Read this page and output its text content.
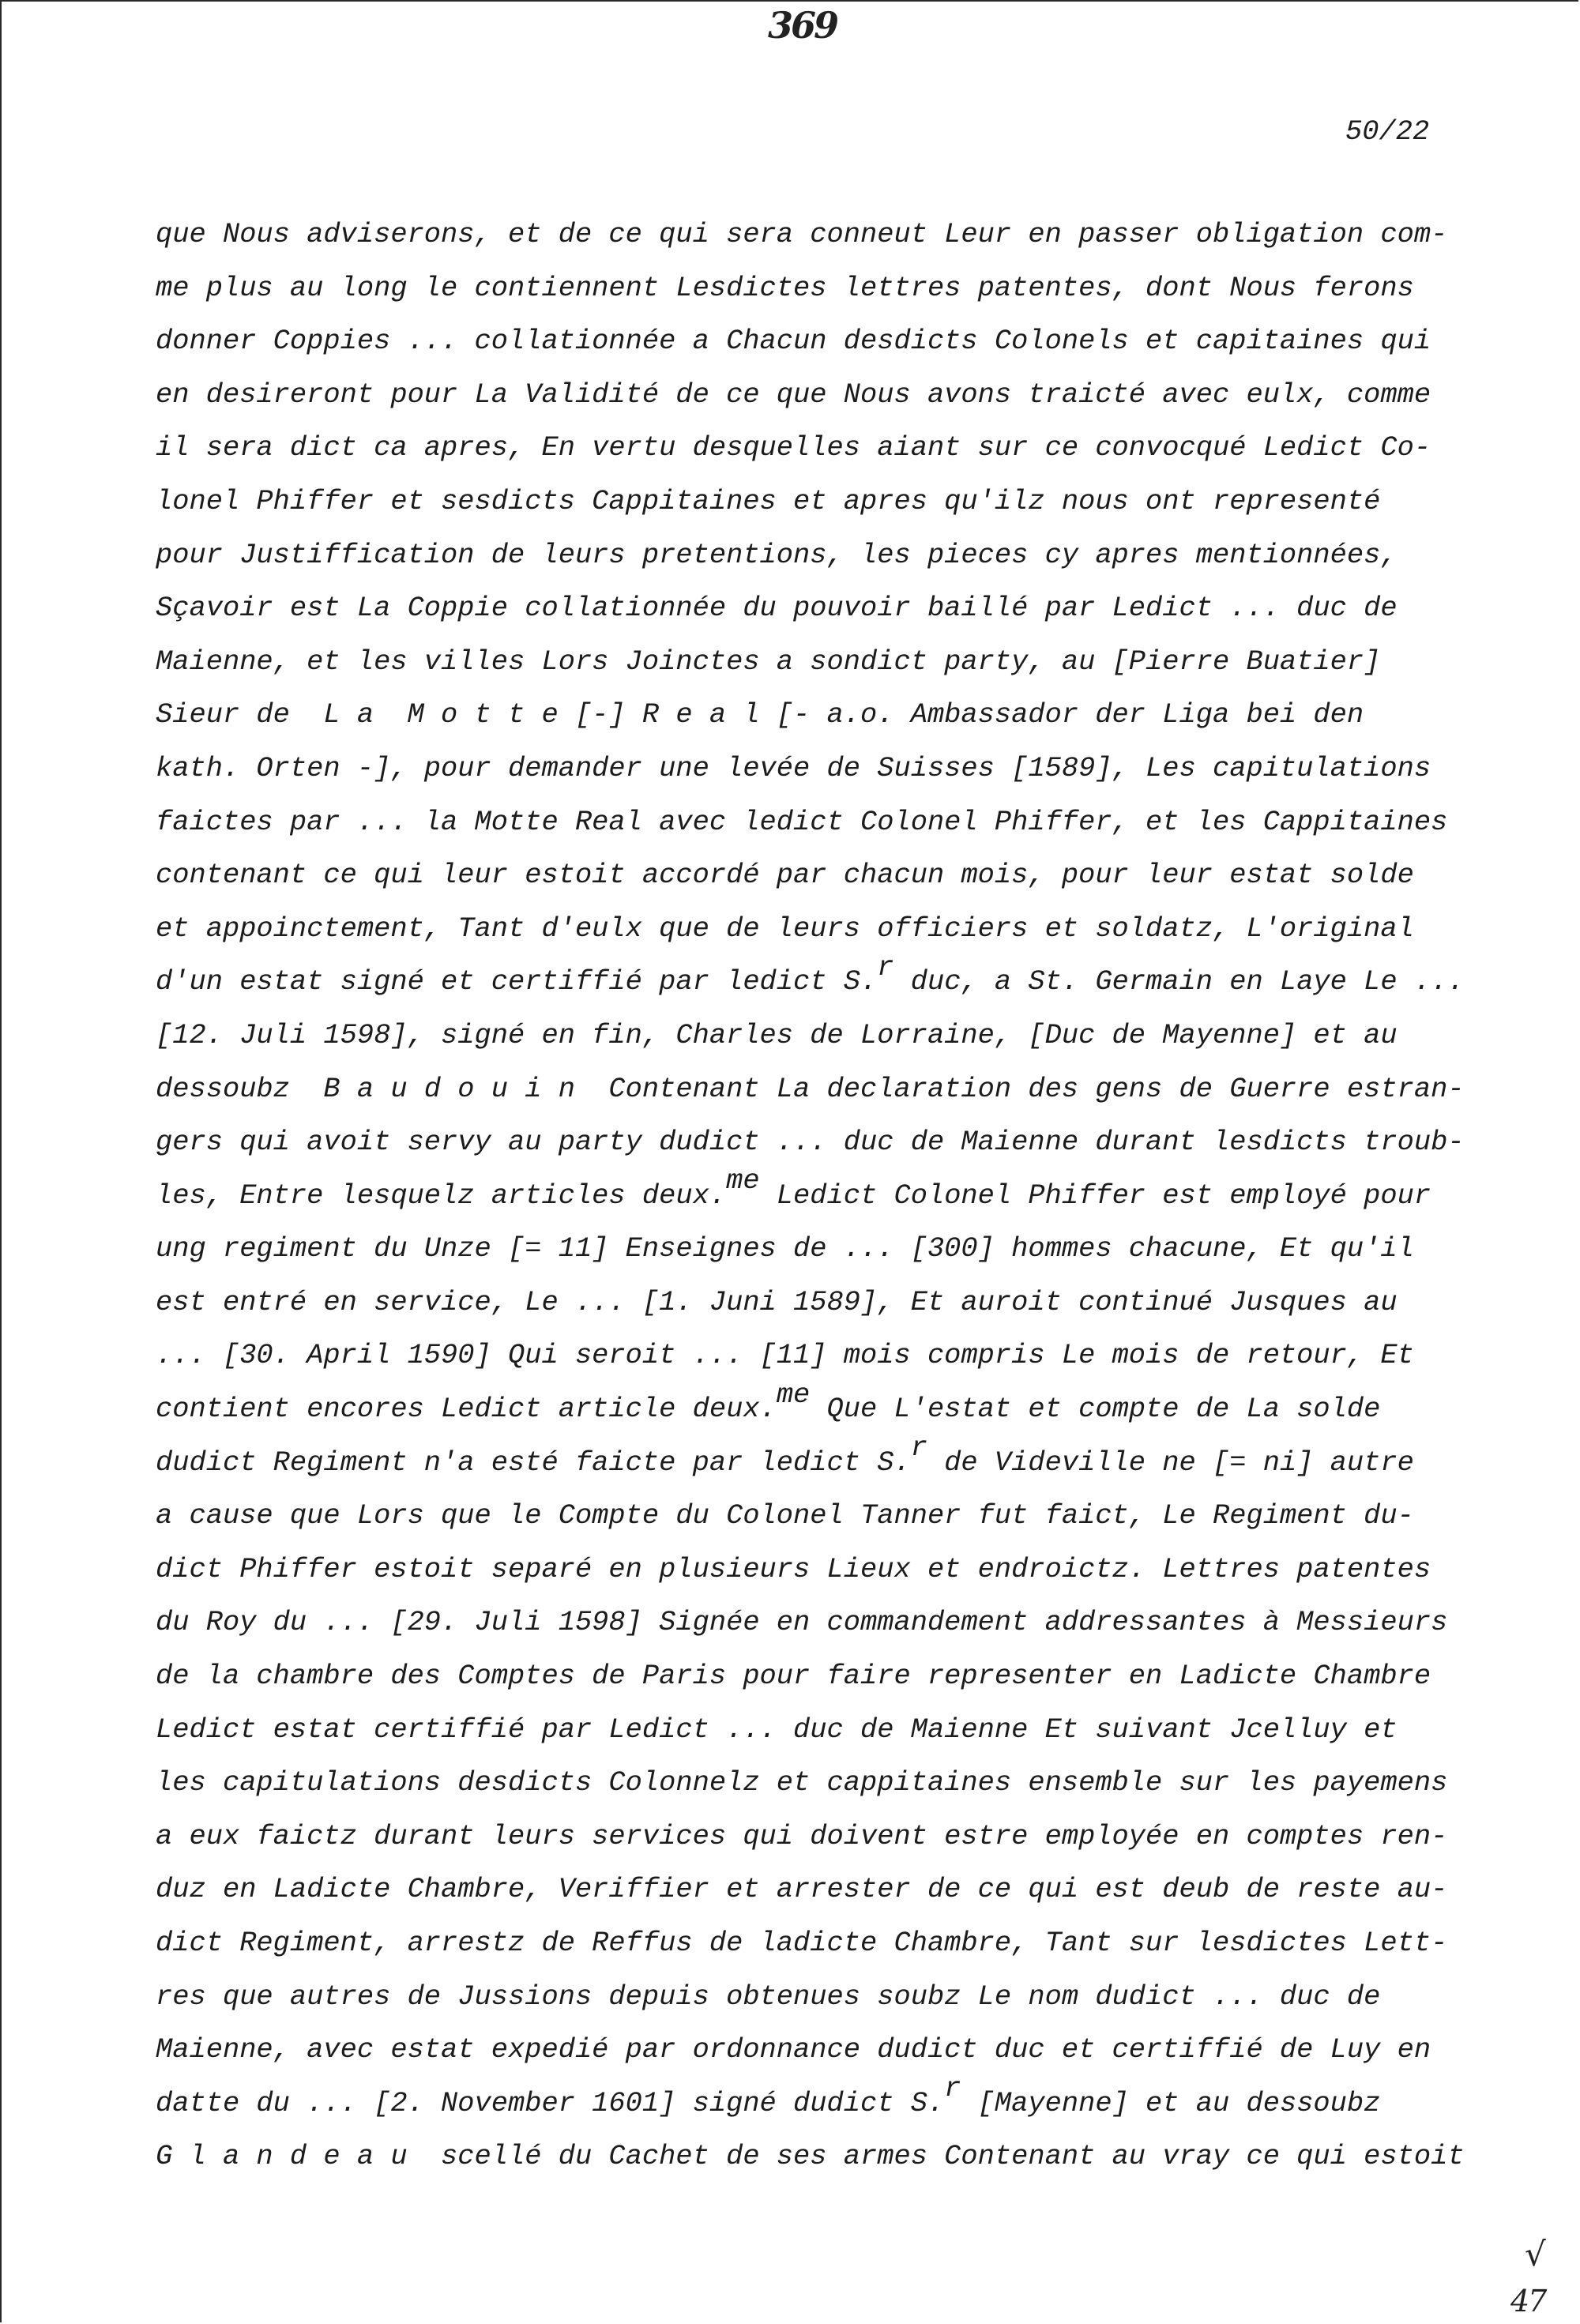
369
50/22
que Nous adviserons, et de ce qui sera conneut Leur en passer obligation com-
me plus au long le contiennent Lesdictes lettres patentes, dont Nous ferons
donner Coppies ... collationnée a Chacun desdicts Colonels et capitaines qui
en desireront pour La Validité de ce que Nous avons traicté avec eulx, comme
il sera dict ca apres, En vertu desquelles aiant sur ce convocqué Ledict Co-
lonel Phiffer et sesdicts Cappitaines et apres qu'ilz nous ont representé
pour Justiffication de leurs pretentions, les pieces cy apres mentionnées,
Sçavoir est La Coppie collationnée du pouvoir baillé par Ledict ... duc de
Maienne, et les villes Lors Joinctes a sondict party, au [Pierre Buatier]
Sieur de  L a  M o t t e [-] R e a l [- a.o. Ambassador der Liga bei den
kath. Orten -], pour demander une levée de Suisses [1589], Les capitulations
faictes par ... la Motte Real avec ledict Colonel Phiffer, et les Cappitaines
contenant ce qui leur estoit accordé par chacun mois, pour leur estat solde
et appoinctement, Tant d'eulx que de leurs officiers et soldatz, L'original
d'un estat signé et certiffié par ledict S.r duc, a St. Germain en Laye Le ...
[12. Juli 1598], signé en fin, Charles de Lorraine, [Duc de Mayenne] et au
dessoubz  B a u d o u i n  Contenant La declaration des gens de Guerre estran-
gers qui avoit servy au party dudict ... duc de Maienne durant lesdicts troub-
les, Entre lesquelz articles deux.me Ledict Colonel Phiffer est employé pour
ung regiment du Unze [= 11] Enseignes de ... [300] hommes chacune, Et qu'il
est entré en service, Le ... [1. Juni 1589], Et auroit continué Jusques au
... [30. April 1590] Qui seroit ... [11] mois compris Le mois de retour, Et
contient encores Ledict article deux.me Que L'estat et compte de La solde
dudict Regiment n'a esté faicte par ledict S.r de Videville ne [= ni] autre
a cause que Lors que le Compte du Colonel Tanner fut faict, Le Regiment du-
dict Phiffer estoit separé en plusieurs Lieux et endroictz. Lettres patentes
du Roy du ... [29. Juli 1598] Signée en commandement addressantes à Messieurs
de la chambre des Comptes de Paris pour faire representer en Ladicte Chambre
Ledict estat certiffié par Ledict ... duc de Maienne Et suivant Jcelluy et
les capitulations desdicts Colonnelz et cappitaines ensemble sur les payemens
a eux faictz durant leurs services qui doivent estre employée en comptes ren-
duz en Ladicte Chambre, Veriffier et arrester de ce qui est deub de reste au-
dict Regiment, arrestz de Reffus de ladicte Chambre, Tant sur lesdictes Lett-
res que autres de Jussions depuis obtenues soubz Le nom dudict ... duc de
Maienne, avec estat expedié par ordonnance dudict duc et certiffié de Luy en
datte du ... [2. November 1601] signé dudict S.r [Mayenne] et au dessoubz
G l a n d e a u  scellé du Cachet de ses armes Contenant au vray ce qui estoit
√
47
